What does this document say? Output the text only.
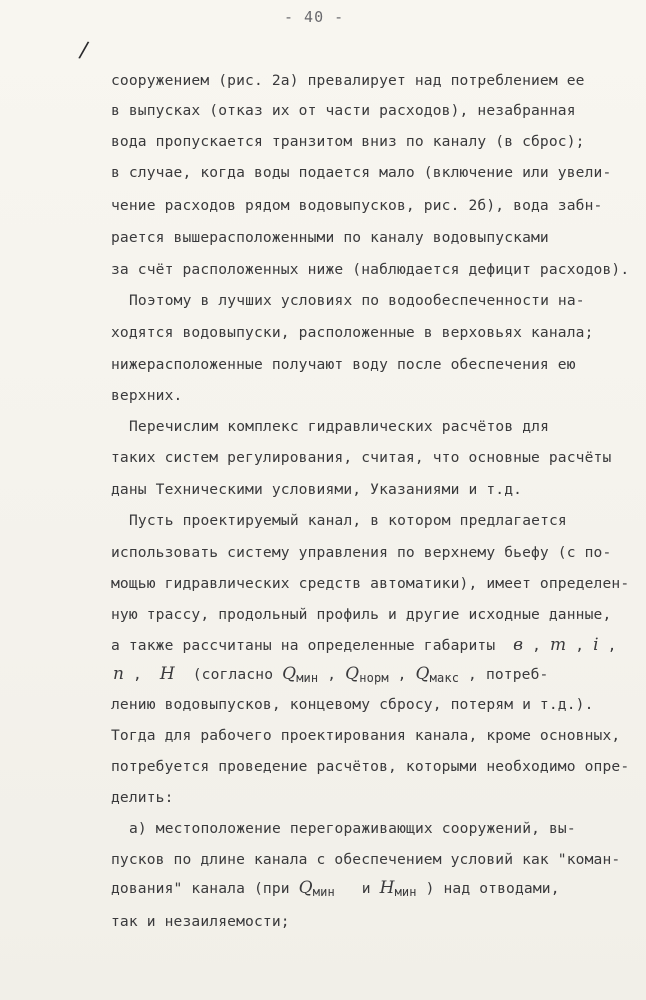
- 40 -
/
сооружением (рис. 2а) превалирует над потреблением ее
в выпусках (отказ их от части расходов), незабранная
вода пропускается транзитом вниз по каналу (в сброс);
в случае, когда воды подается мало (включение или увели-
чение расходов рядом водовыпусков, рис. 2б), вода забн-
рается вышерасположенными по каналу водовыпусками
за счёт расположенных ниже (наблюдается дефицит расходов).
Поэтому в лучших условиях по водообеспеченности на-
ходятся водовыпуски, расположенные в верховьях канала;
нижерасположенные получают воду после обеспечения ею
верхних.
Перечислим комплекс гидравлических расчётов для
таких систем регулирования, считая, что основные расчёты
даны Техническими условиями, Указаниями и т.д.
Пусть проектируемый канал, в котором предлагается
использовать систему управления по верхнему бьефу (с по-
мощью гидравлических средств автоматики), имеет определен-
ную трассу, продольный профиль и другие исходные данные,
а также рассчитаны на определенные габариты в , m , i ,
n ,  H (согласно $Q_{мин}$ , $Q_{норм}$ , $Q_{макс}$ , потреб-
лению водовыпусков, концевому сбросу, потерям и т.д.).
Тогда для рабочего проектирования канала, кроме основных,
потребуется проведение расчётов, которыми необходимо опре-
делить:
а) местоположение перегораживающих сооружений, вы-
пусков по длине канала с обеспечением условий как "коман-
дования" канала (при $Q_{мин}$ и $H_{мин}$ ) над отводами,
так и незаиляемости;
